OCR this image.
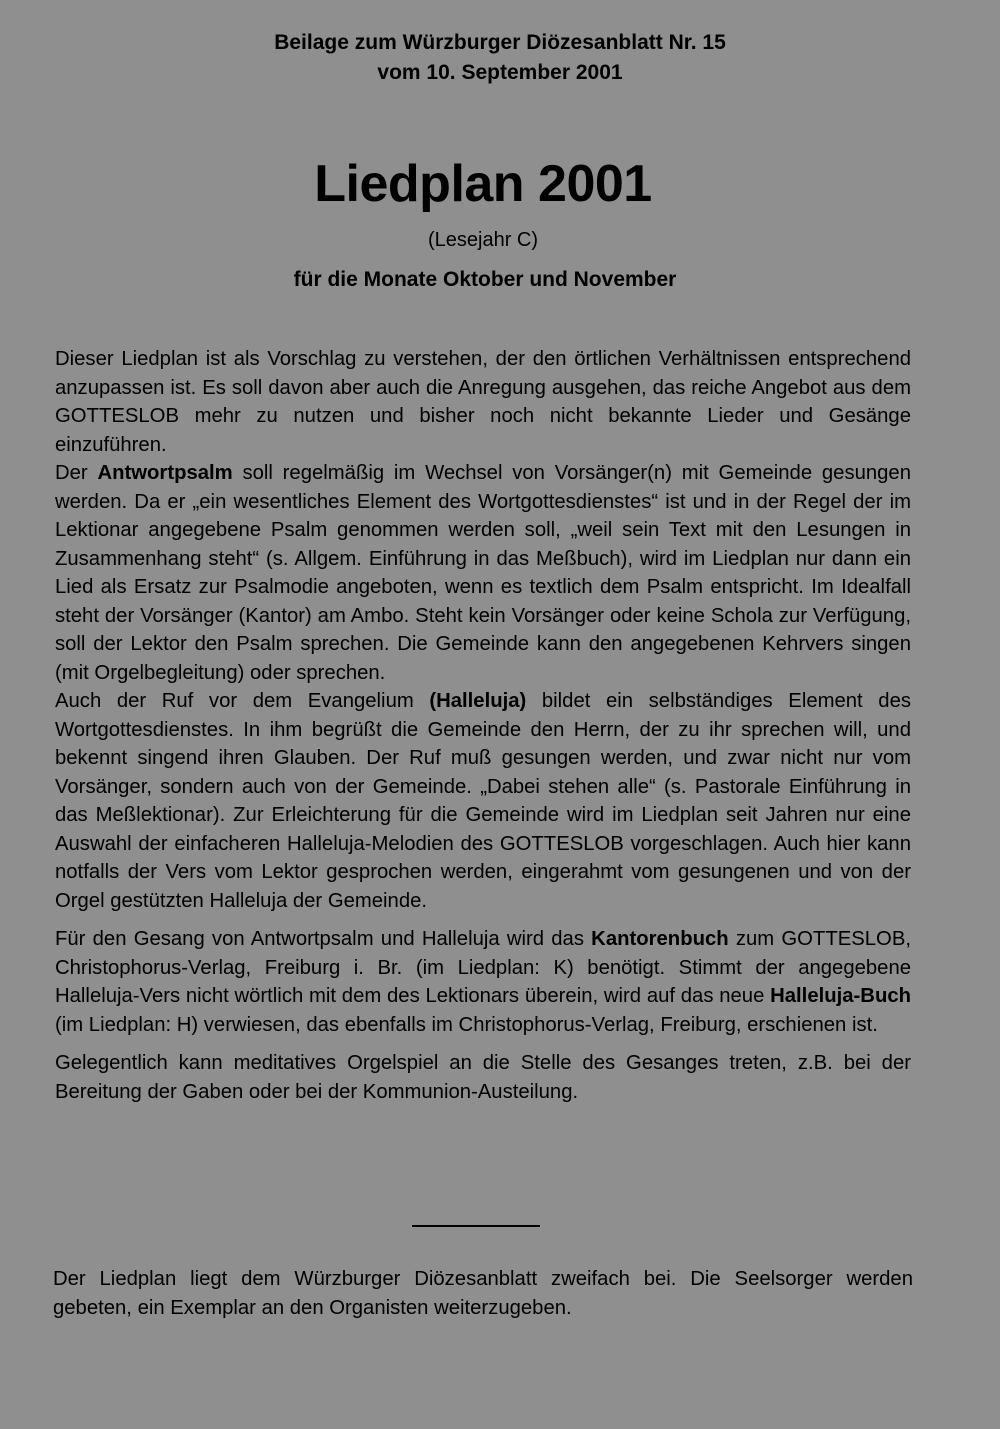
Beilage zum Würzburger Diözesanblatt Nr. 15
vom 10. September 2001
Liedplan 2001
(Lesejahr C)
für die Monate Oktober und November

Dieser Liedplan ist als Vorschlag zu verstehen, der den örtlichen Verhältnissen entsprechend anzupassen ist. Es soll davon aber auch die Anregung ausgehen, das reiche Angebot aus dem GOTTESLOB mehr zu nutzen und bisher noch nicht bekannte Lieder und Gesänge einzuführen.

Der Antwortpsalm soll regelmäßig im Wechsel von Vorsänger(n) mit Gemeinde gesungen werden. Da er „ein wesentliches Element des Wortgottesdienstes“ ist und in der Regel der im Lektionar angegebene Psalm genommen werden soll, „weil sein Text mit den Lesungen in Zusammenhang steht“ (s. Allgem. Einführung in das Meßbuch), wird im Liedplan nur dann ein Lied als Ersatz zur Psalmodie angeboten, wenn es textlich dem Psalm entspricht. Im Idealfall steht der Vorsänger (Kantor) am Ambo. Steht kein Vorsänger oder keine Schola zur Verfügung, soll der Lektor den Psalm sprechen. Die Gemeinde kann den angegebenen Kehrvers singen (mit Orgelbegleitung) oder sprechen.

Auch der Ruf vor dem Evangelium (Halleluja) bildet ein selbständiges Element des Wortgottesdienstes. In ihm begrüßt die Gemeinde den Herrn, der zu ihr sprechen will, und bekennt singend ihren Glauben. Der Ruf muß gesungen werden, und zwar nicht nur vom Vorsänger, sondern auch von der Gemeinde. „Dabei stehen alle“ (s. Pastorale Einführung in das Meßlektionar). Zur Erleichterung für die Gemeinde wird im Liedplan seit Jahren nur eine Auswahl der einfacheren Halleluja-Melodien des GOTTESLOB vorgeschlagen. Auch hier kann notfalls der Vers vom Lektor gesprochen werden, eingerahmt vom gesungenen und von der Orgel gestützten Halleluja der Gemeinde.

Für den Gesang von Antwortpsalm und Halleluja wird das Kantorenbuch zum GOTTESLOB, Christophorus-Verlag, Freiburg i. Br. (im Liedplan: K) benötigt. Stimmt der angegebene Halleluja-Vers nicht wörtlich mit dem des Lektionars überein, wird auf das neue Halleluja-Buch (im Liedplan: H) verwiesen, das ebenfalls im Christophorus-Verlag, Freiburg, erschienen ist.

Gelegentlich kann meditatives Orgelspiel an die Stelle des Gesanges treten, z.B. bei der Bereitung der Gaben oder bei der Kommunion-Austeilung.

Der Liedplan liegt dem Würzburger Diözesanblatt zweifach bei. Die Seelsorger werden gebeten, ein Exemplar an den Organisten weiterzugeben.
